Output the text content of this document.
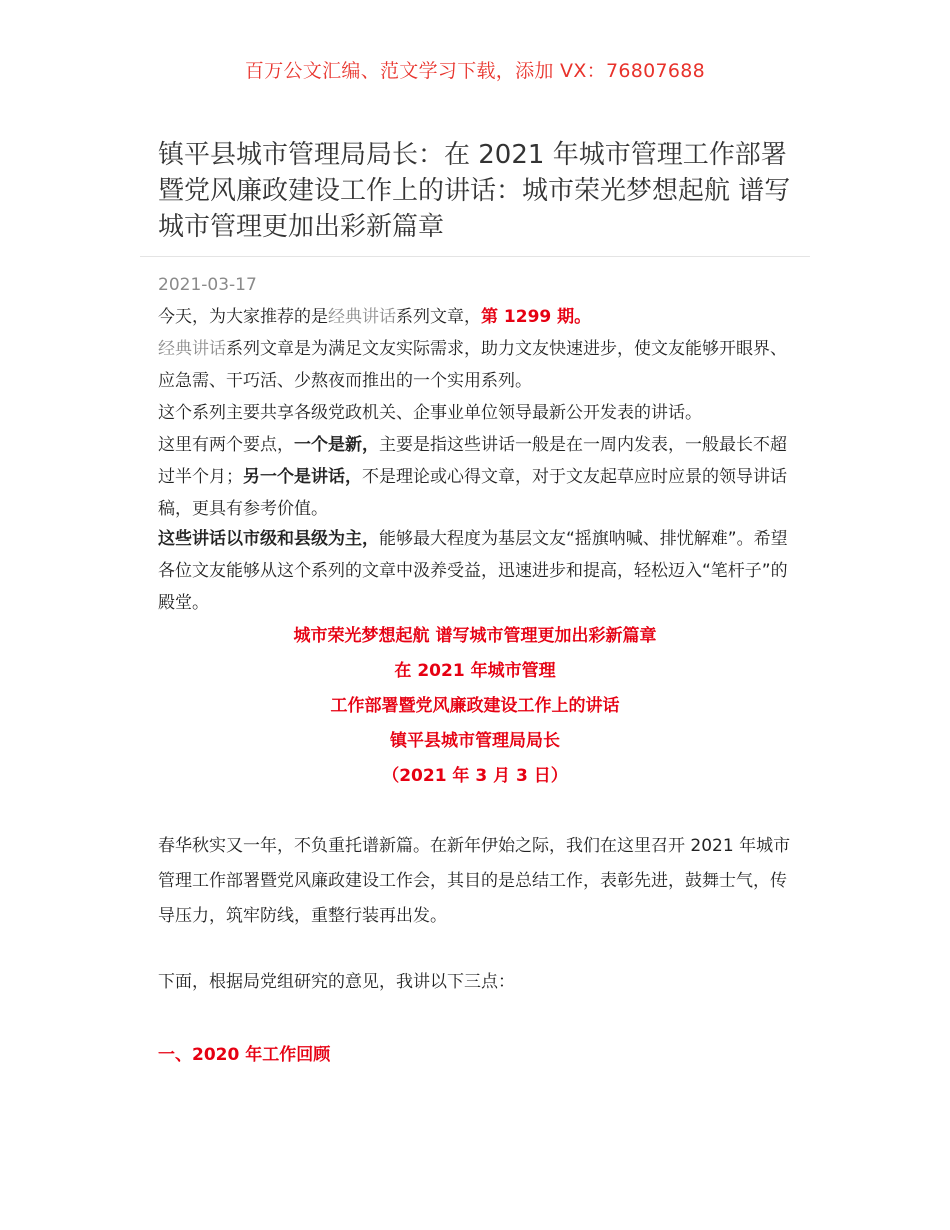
百万公文汇编、范文学习下载，添加 VX：76807688
镇平县城市管理局局长：在 2021 年城市管理工作部署暨党风廉政建设工作上的讲话：城市荣光梦想起航 谱写城市管理更加出彩新篇章
2021-03-17

今天，为大家推荐的是经典讲话系列文章，第 1299 期。

经典讲话系列文章是为满足文友实际需求，助力文友快速进步，使文友能够开眼界、应急需、干巧活、少熬夜而推出的一个实用系列。

这个系列主要共享各级党政机关、企事业单位领导最新公开发表的讲话。

这里有两个要点，一个是新，主要是指这些讲话一般是在一周内发表，一般最长不超过半个月；另一个是讲话，不是理论或心得文章，对于文友起草应时应景的领导讲话稿，更具有参考价值。

这些讲话以市级和县级为主，能够最大程度为基层文友“摇旗呐喊、排忧解难”。希望各位文友能够从这个系列的文章中汲养受益，迅速进步和提高，轻松迈入“笔杆子”的殿堂。

城市荣光梦想起航 谱写城市管理更加出彩新篇章

在 2021 年城市管理

工作部署暨党风廉政建设工作上的讲话

镇平县城市管理局局长

（2021 年 3 月 3 日）

春华秋实又一年，不负重托谱新篇。在新年伊始之际，我们在这里召开 2021 年城市管理工作部署暨党风廉政建设工作会，其目的是总结工作，表彰先进，鼓舞士气，传导压力，筑牢防线，重整行装再出发。

下面，根据局党组研究的意见，我讲以下三点：

一、2020 年工作回顾
